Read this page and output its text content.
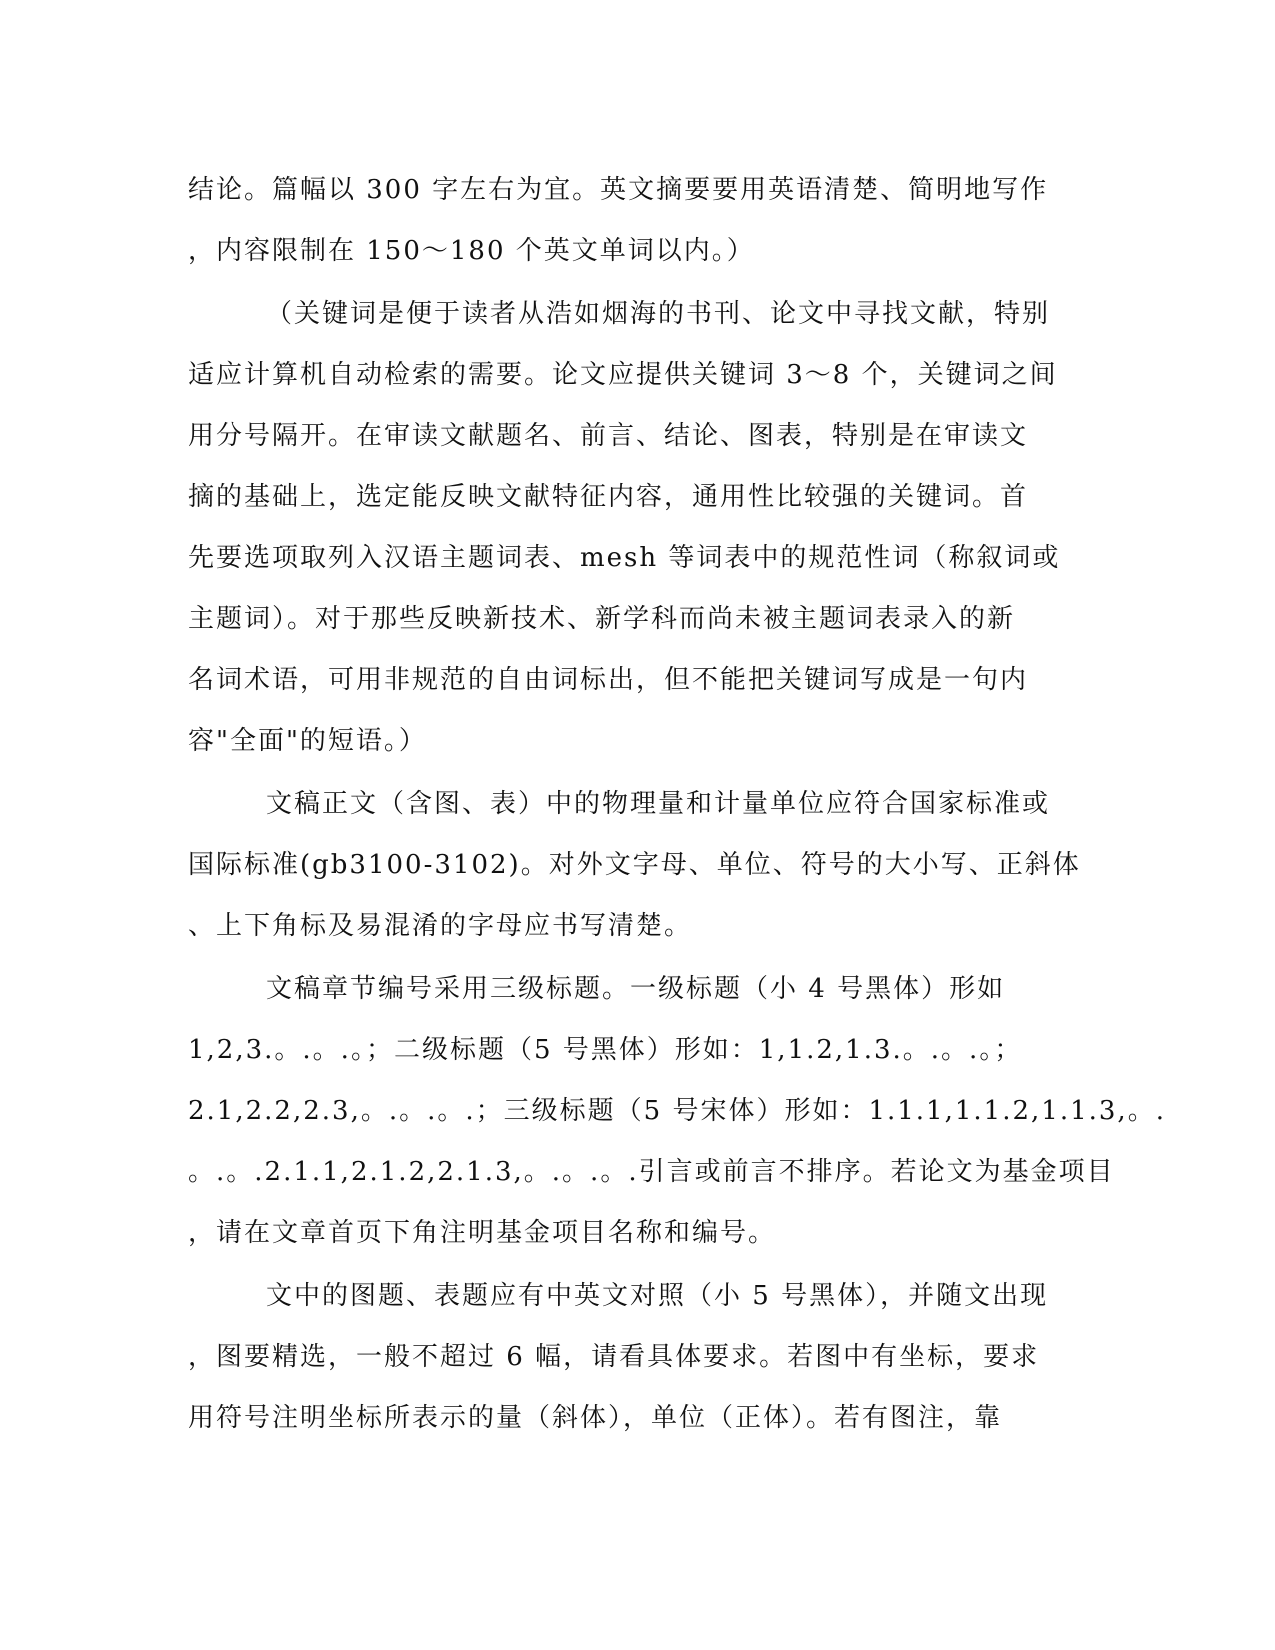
结论。篇幅以 300 字左右为宜。英文摘要要用英语清楚、简明地写作
，内容限制在 150～180 个英文单词以内。）
（关键词是便于读者从浩如烟海的书刊、论文中寻找文献，特别
适应计算机自动检索的需要。论文应提供关键词 3～8 个，关键词之间
用分号隔开。在审读文献题名、前言、结论、图表，特别是在审读文
摘的基础上，选定能反映文献特征内容，通用性比较强的关键词。首
先要选项取列入汉语主题词表、mesh 等词表中的规范性词（称叙词或
主题词）。对于那些反映新技术、新学科而尚未被主题词表录入的新
名词术语，可用非规范的自由词标出，但不能把关键词写成是一句内
容"全面"的短语。）
文稿正文（含图、表）中的物理量和计量单位应符合国家标准或
国际标准(gb3100-3102)。对外文字母、单位、符号的大小写、正斜体
、上下角标及易混淆的字母应书写清楚。
文稿章节编号采用三级标题。一级标题（小 4 号黑体）形如
1,2,3.。.。.。；二级标题（5 号黑体）形如：1,1.2,1.3.。.。.。；
2.1,2.2,2.3,。.。.。.；三级标题（5 号宋体）形如：1.1.1,1.1.2,1.1.3,。.
。.。.2.1.1,2.1.2,2.1.3,。.。.。.引言或前言不排序。若论文为基金项目
，请在文章首页下角注明基金项目名称和编号。
文中的图题、表题应有中英文对照（小 5 号黑体），并随文出现
，图要精选，一般不超过 6 幅，请看具体要求。若图中有坐标，要求
用符号注明坐标所表示的量（斜体），单位（正体）。若有图注，靠
